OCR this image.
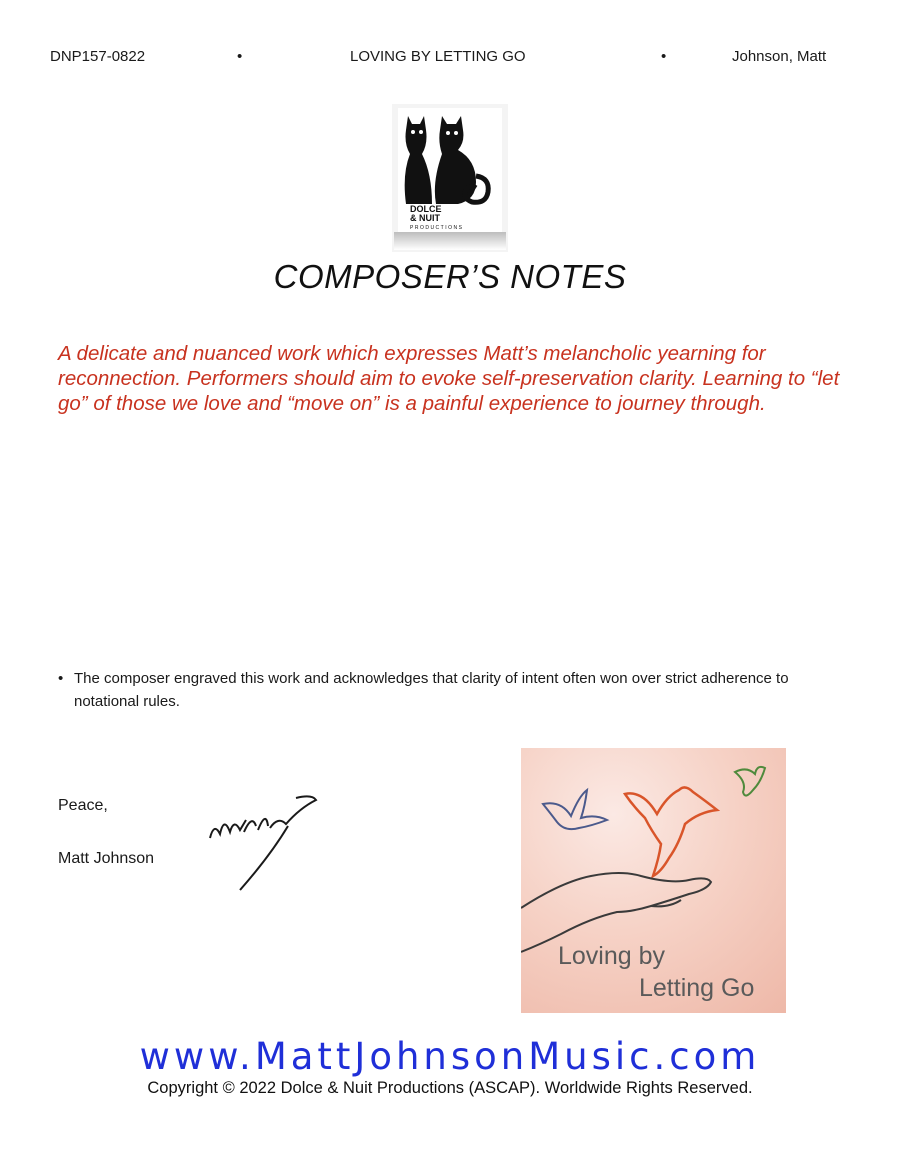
DNP157-0822	•	LOVING BY LETTING GO	•	Johnson, Matt
DOLCE
& NUIT
PRODUCTIONS
COMPOSER’S NOTES
A delicate and nuanced work which expresses Matt’s melancholic yearning for reconnection. Performers should aim to evoke self-preservation clarity. Learning to “let go” of those we love and “move on” is a painful experience to journey through.
• The composer engraved this work and acknowledges that clarity of intent often won over strict adherence to notational rules.
Peace,
Matt Johnson
Loving by
Letting Go
www.MattJohnsonMusic.com
Copyright © 2022 Dolce & Nuit Productions (ASCAP). Worldwide Rights Reserved.
